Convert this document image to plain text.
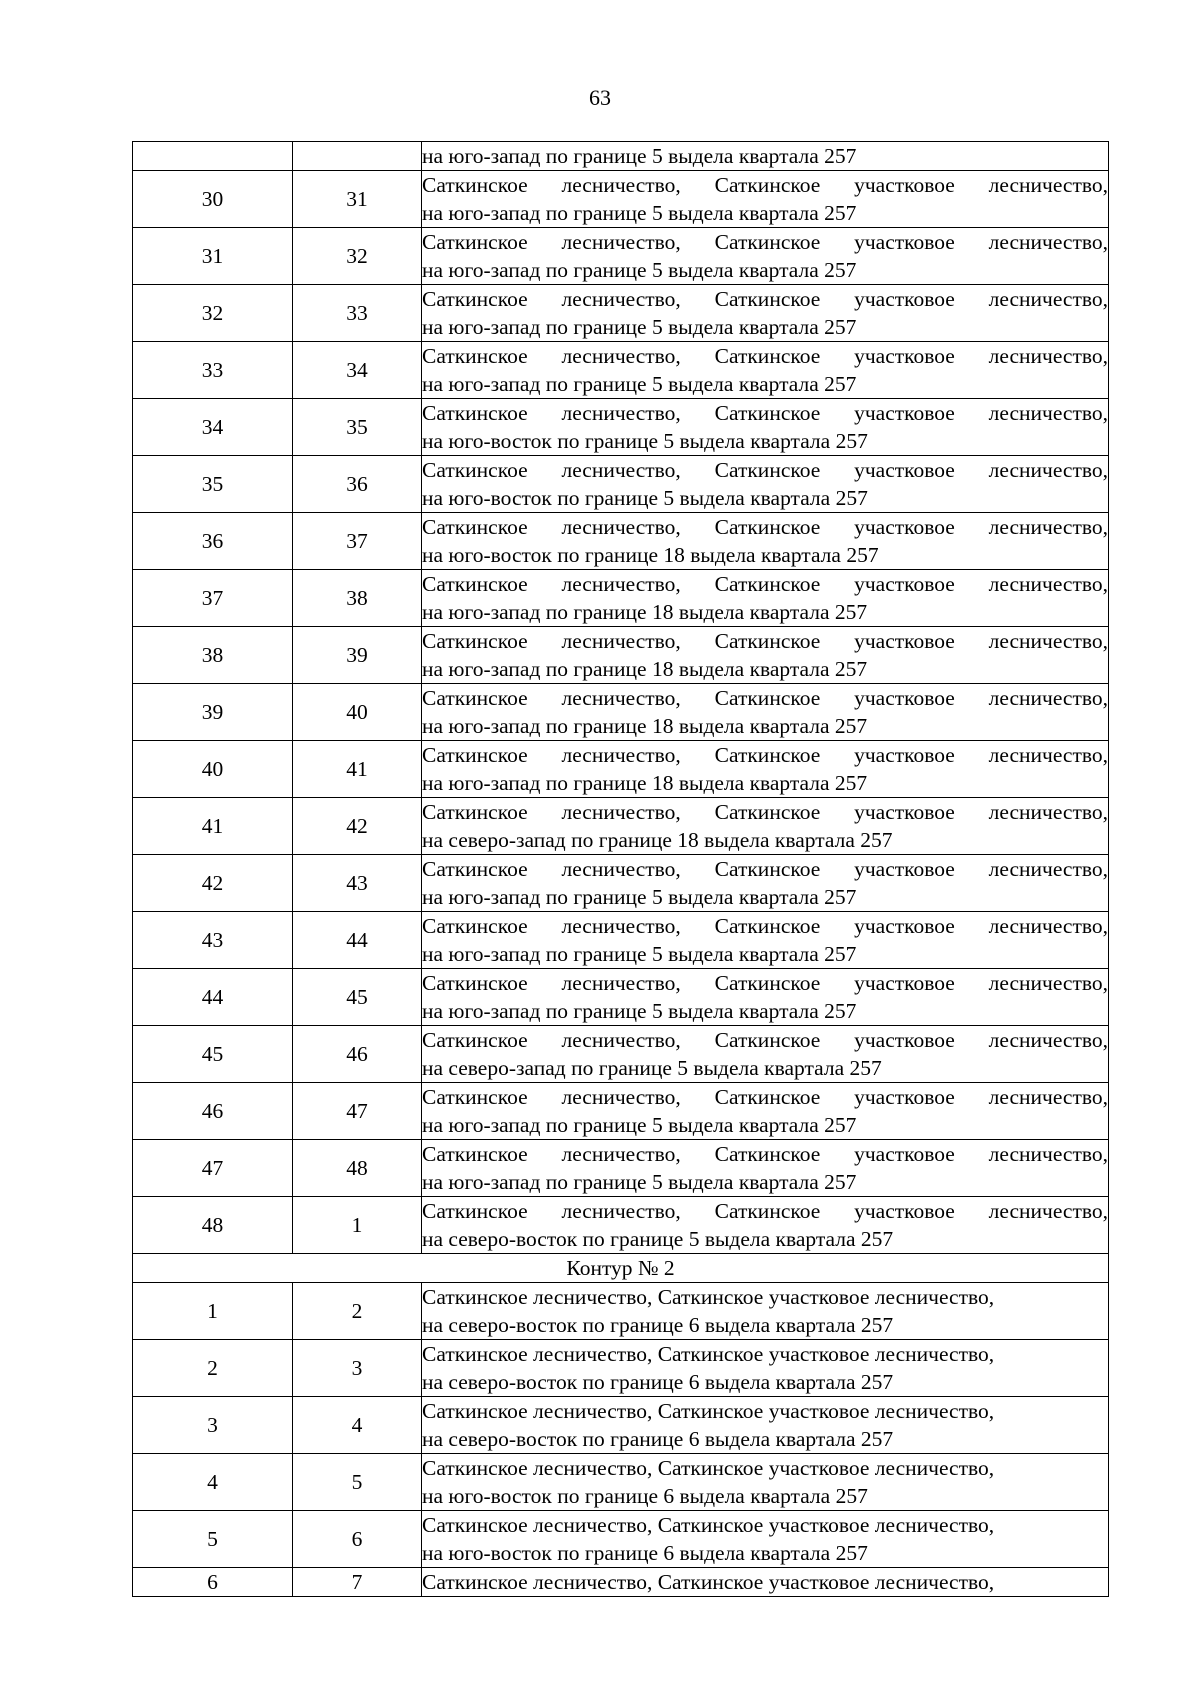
63

		на юго-запад по границе 5 выдела квартала 257

30	31	Саткинское лесничество, Саткинское участковое лесничество,
на юго-запад по границе 5 выдела квартала 257

31	32	Саткинское лесничество, Саткинское участковое лесничество,
на юго-запад по границе 5 выдела квартала 257

32	33	Саткинское лесничество, Саткинское участковое лесничество,
на юго-запад по границе 5 выдела квартала 257

33	34	Саткинское лесничество, Саткинское участковое лесничество,
на юго-запад по границе 5 выдела квартала 257

34	35	Саткинское лесничество, Саткинское участковое лесничество,
на юго-восток по границе 5 выдела квартала 257

35	36	Саткинское лесничество, Саткинское участковое лесничество,
на юго-восток по границе 5 выдела квартала 257

36	37	Саткинское лесничество, Саткинское участковое лесничество,
на юго-восток по границе 18 выдела квартала 257

37	38	Саткинское лесничество, Саткинское участковое лесничество,
на юго-запад по границе 18 выдела квартала 257

38	39	Саткинское лесничество, Саткинское участковое лесничество,
на юго-запад по границе 18 выдела квартала 257

39	40	Саткинское лесничество, Саткинское участковое лесничество,
на юго-запад по границе 18 выдела квартала 257

40	41	Саткинское лесничество, Саткинское участковое лесничество,
на юго-запад по границе 18 выдела квартала 257

41	42	Саткинское лесничество, Саткинское участковое лесничество,
на северо-запад по границе 18 выдела квартала 257

42	43	Саткинское лесничество, Саткинское участковое лесничество,
на юго-запад по границе 5 выдела квартала 257

43	44	Саткинское лесничество, Саткинское участковое лесничество,
на юго-запад по границе 5 выдела квартала 257

44	45	Саткинское лесничество, Саткинское участковое лесничество,
на юго-запад по границе 5 выдела квартала 257

45	46	Саткинское лесничество, Саткинское участковое лесничество,
на северо-запад по границе 5 выдела квартала 257

46	47	Саткинское лесничество, Саткинское участковое лесничество,
на юго-запад по границе 5 выдела квартала 257

47	48	Саткинское лесничество, Саткинское участковое лесничество,
на юго-запад по границе 5 выдела квартала 257

48	1	Саткинское лесничество, Саткинское участковое лесничество,
на северо-восток по границе 5 выдела квартала 257

Контур № 2		
1	2	Саткинское лесничество, Саткинское участковое лесничество,
на северо-восток по границе 6 выдела квартала 257

2	3	Саткинское лесничество, Саткинское участковое лесничество,
на северо-восток по границе 6 выдела квартала 257

3	4	Саткинское лесничество, Саткинское участковое лесничество,
на северо-восток по границе 6 выдела квартала 257

4	5	Саткинское лесничество, Саткинское участковое лесничество,
на юго-восток по границе 6 выдела квартала 257

5	6	Саткинское лесничество, Саткинское участковое лесничество,
на юго-восток по границе 6 выдела квартала 257

6	7	Саткинское лесничество, Саткинское участковое лесничество,
